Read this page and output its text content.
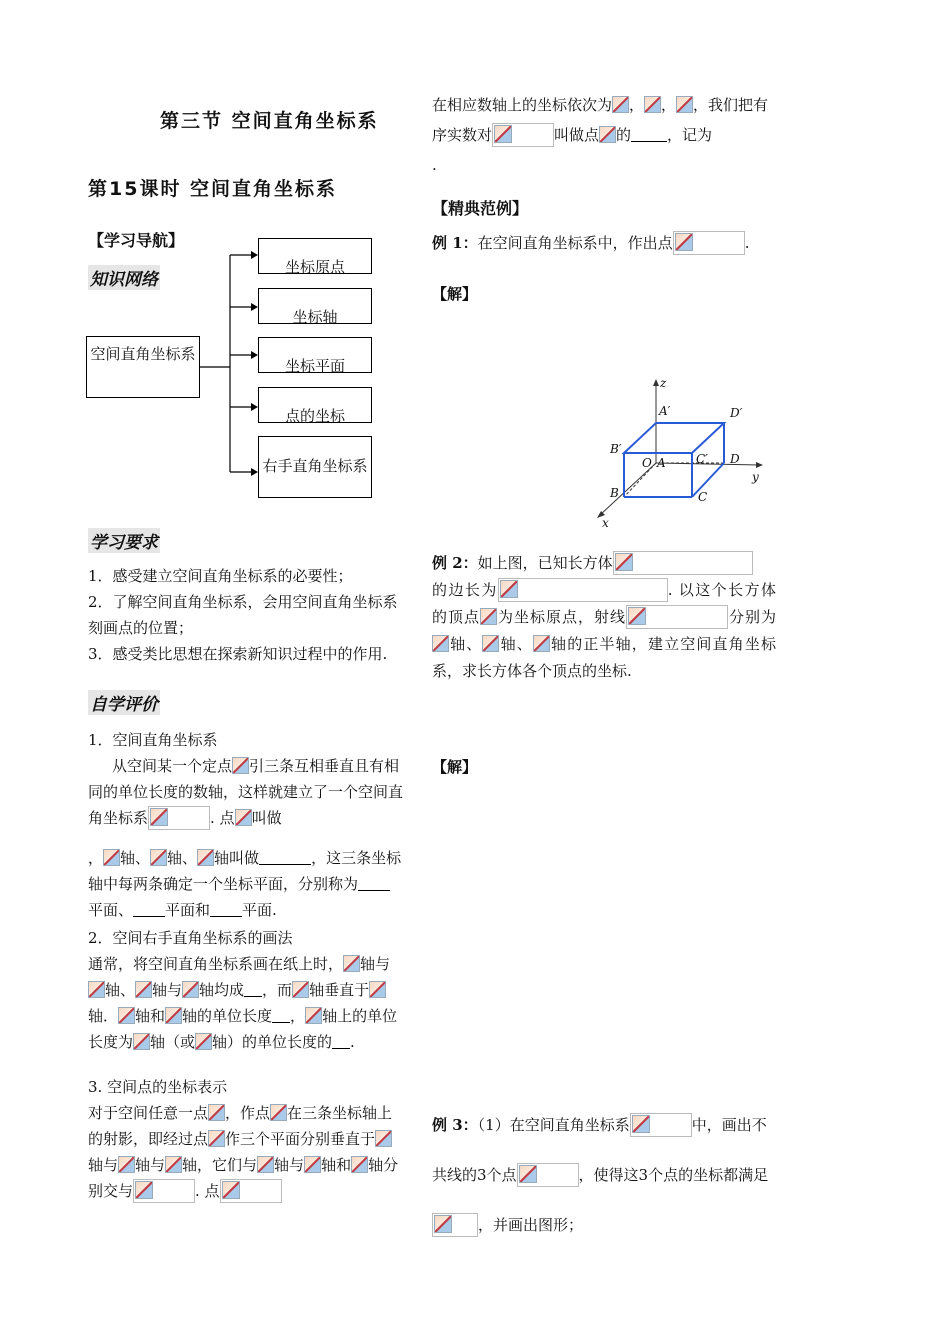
第三节 空间直角坐标系
第15课时 空间直角坐标系
【学习导航】
知识网络
空间直角坐标系
坐标原点
坐标轴
坐标平面
点的坐标
右手直角坐标系
学习要求
1．感受建立空间直角坐标系的必要性；
2．了解空间直角坐标系，会用空间直角坐标系刻画点的位置；
3．感受类比思想在探索新知识过程中的作用.
自学评价
1．空间直角坐标系
从空间某一个定点 引三条互相垂直且有相同的单位长度的数轴，这样就建立了一个空间直角坐标系	. 点 叫做
， 轴、 轴、 轴叫做	，这三条坐标轴中每两条确定一个坐标平面，分别称为平面、 平面和 平面.
2．空间右手直角坐标系的画法
通常，将空间直角坐标系画在纸上时， 轴与轴、 轴与 轴均成 ，而 轴垂直于轴． 轴和 轴的单位长度 ， 轴上的单位长度为 轴（或 轴）的单位长度的 .
3. 空间点的坐标表示
对于空间任意一点 ，作点 在三条坐标轴上的射影，即经过点 作三个平面分别垂直于轴与 轴与 轴，它们与 轴与 轴和 轴分别交与	. 点
在相应数轴上的坐标依次为 ， ， ，我们把有序实数对	叫做点 的 ，记为
.
【精典范例】
例 1：在空间直角坐标系中，作出点	.
【解】
z
y
x
A′	D′
B′
O A	C′ D
B	C
例 2：如上图，已知长方体
的边长为	. 以这个长方体的顶点 为坐标原点，射线	分别为轴、 轴、 轴的正半轴，建立空间直角坐标系，求长方体各个顶点的坐标.
【解】
例 3：（1）在空间直角坐标系	中，画出不共线的3个点	，使得这3个点的坐标都满足，并画出图形；
